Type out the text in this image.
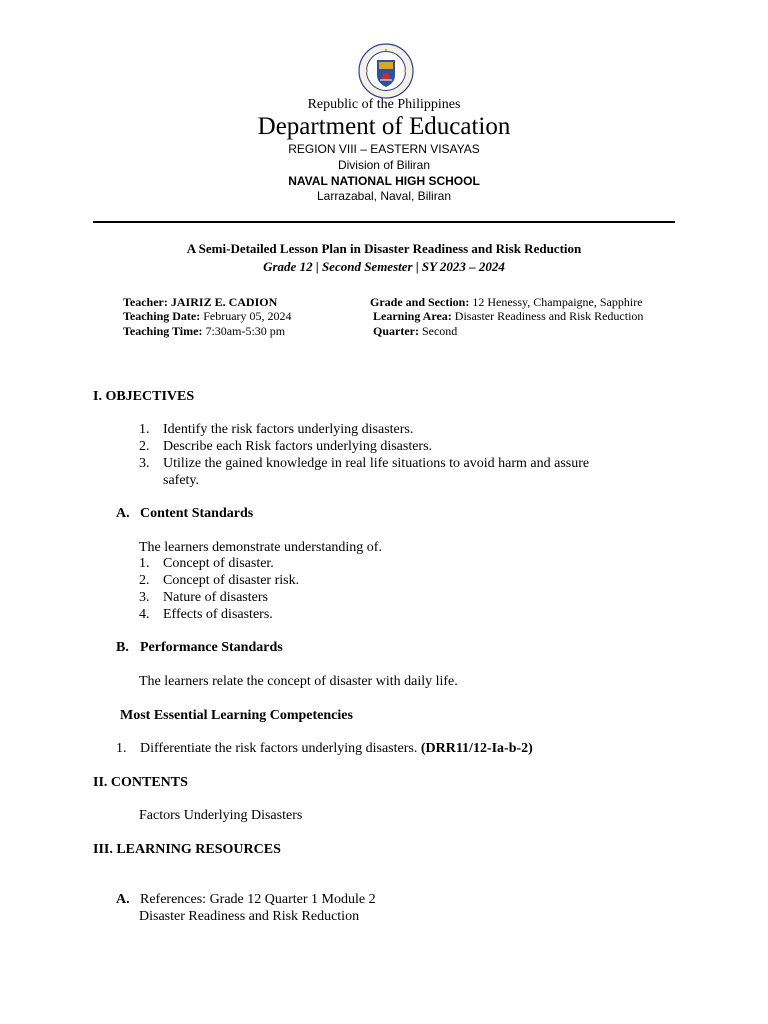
Republic of the Philippines
Department of Education
REGION VIII – EASTERN VISAYAS
Division of Biliran
NAVAL NATIONAL HIGH SCHOOL
Larrazabal, Naval, Biliran
A Semi-Detailed Lesson Plan in Disaster Readiness and Risk Reduction
Grade 12 | Second Semester | SY 2023 – 2024
Teacher: JAIRIZ E. CADION
Teaching Date: February 05, 2024
Teaching Time: 7:30am-5:30 pm
Grade and Section: 12 Henessy, Champaigne, Sapphire
Learning Area: Disaster Readiness and Risk Reduction
Quarter: Second
I. OBJECTIVES
1. Identify the risk factors underlying disasters.
2. Describe each Risk factors underlying disasters.
3. Utilize the gained knowledge in real life situations to avoid harm and assure
safety.
A. Content Standards
The learners demonstrate understanding of.
1. Concept of disaster.
2. Concept of disaster risk.
3. Nature of disasters
4. Effects of disasters.
B. Performance Standards
The learners relate the concept of disaster with daily life.
Most Essential Learning Competencies
1. Differentiate the risk factors underlying disasters. (DRR11/12-Ia-b-2)
II. CONTENTS
Factors Underlying Disasters
III. LEARNING RESOURCES
A. References: Grade 12 Quarter 1 Module 2
Disaster Readiness and Risk Reduction
